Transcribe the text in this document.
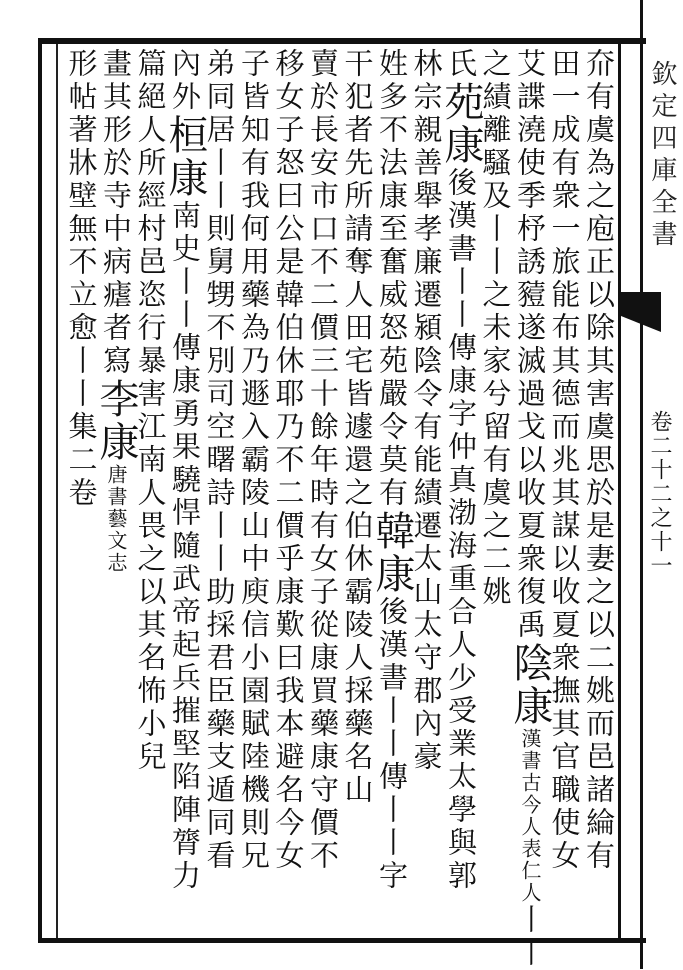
欽定四庫全書
卷二十二之十一
夼有虞為之庖正以除其害虞思於是妻之以二姚而邑諸綸有
田一成有衆一旅能布其德而兆其謀以收夏衆撫其官職使女
艾諜澆使季杼誘豷遂滅過戈以收夏衆復禹陰康漢書古今人表仁人丨丨
之績離騷及丨丨之未家兮留有虞之二姚
氏苑康後漢書丨丨傳康字仲真渤海重合人少受業太學與郭
林宗親善舉孝廉遷潁陰令有能績遷太山太守郡內豪
姓多不法康至奮威怒苑嚴令莫有韓康後漢書丨丨傳丨丨字
干犯者先所請奪人田宅皆遽還之伯休霸陵人採藥名山
賣於長安市口不二價三十餘年時有女子從康買藥康守價不
移女子怒曰公是韓伯休耶乃不二價乎康歎曰我本避名今女
子皆知有我何用藥為乃遯入霸陵山中庾信小園賦陸機則兄
弟同居丨丨則舅甥不別司空曙詩丨丨助採君臣藥支遁同看
內外桓康南史丨丨傳康勇果驍悍隨武帝起兵摧堅陷陣膂力
篇絕人所經村邑恣行暴害江南人畏之以其名怖小兒
畫其形於寺中病瘧者寫李康唐書藝文志
形帖著牀壁無不立愈丨丨集二卷
